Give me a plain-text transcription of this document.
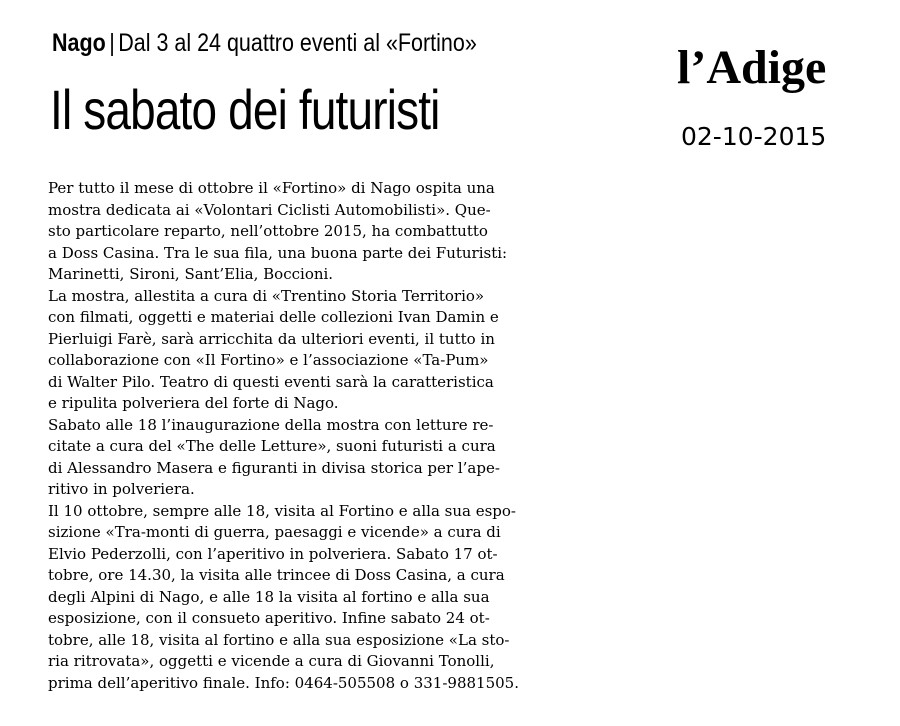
Nago | Dal 3 al 24 quattro eventi al «Fortino»
Il sabato dei futuristi
l’Adige
02-10-2015
Per tutto il mese di ottobre il «Fortino» di Nago ospita una
mostra dedicata ai «Volontari Ciclisti Automobilisti». Que-
sto particolare reparto, nell’ottobre 2015, ha combattutto
a Doss Casina. Tra le sua fila, una buona parte dei Futuristi:
Marinetti, Sironi, Sant’Elia, Boccioni.
La mostra, allestita a cura di «Trentino Storia Territorio»
con filmati, oggetti e materiai delle collezioni Ivan Damin e
Pierluigi Farè, sarà arricchita da ulteriori eventi, il tutto in
collaborazione con «Il Fortino» e l’associazione «Ta-Pum»
di Walter Pilo. Teatro di questi eventi sarà la caratteristica
e ripulita polveriera del forte di Nago.
Sabato alle 18 l’inaugurazione della mostra con letture re-
citate a cura del «The delle Letture», suoni futuristi a cura
di Alessandro Masera e figuranti in divisa storica per l’ape-
ritivo in polveriera.
Il 10 ottobre, sempre alle 18, visita al Fortino e alla sua espo-
sizione «Tra-monti di guerra, paesaggi e vicende» a cura di
Elvio Pederzolli, con l’aperitivo in polveriera. Sabato 17 ot-
tobre, ore 14.30, la visita alle trincee di Doss Casina, a cura
degli Alpini di Nago, e alle 18 la visita al fortino e alla sua
esposizione, con il consueto aperitivo. Infine sabato 24 ot-
tobre, alle 18, visita al fortino e alla sua esposizione «La sto-
ria ritrovata», oggetti e vicende a cura di Giovanni Tonolli,
prima dell’aperitivo finale. Info: 0464-505508 o 331-9881505.
